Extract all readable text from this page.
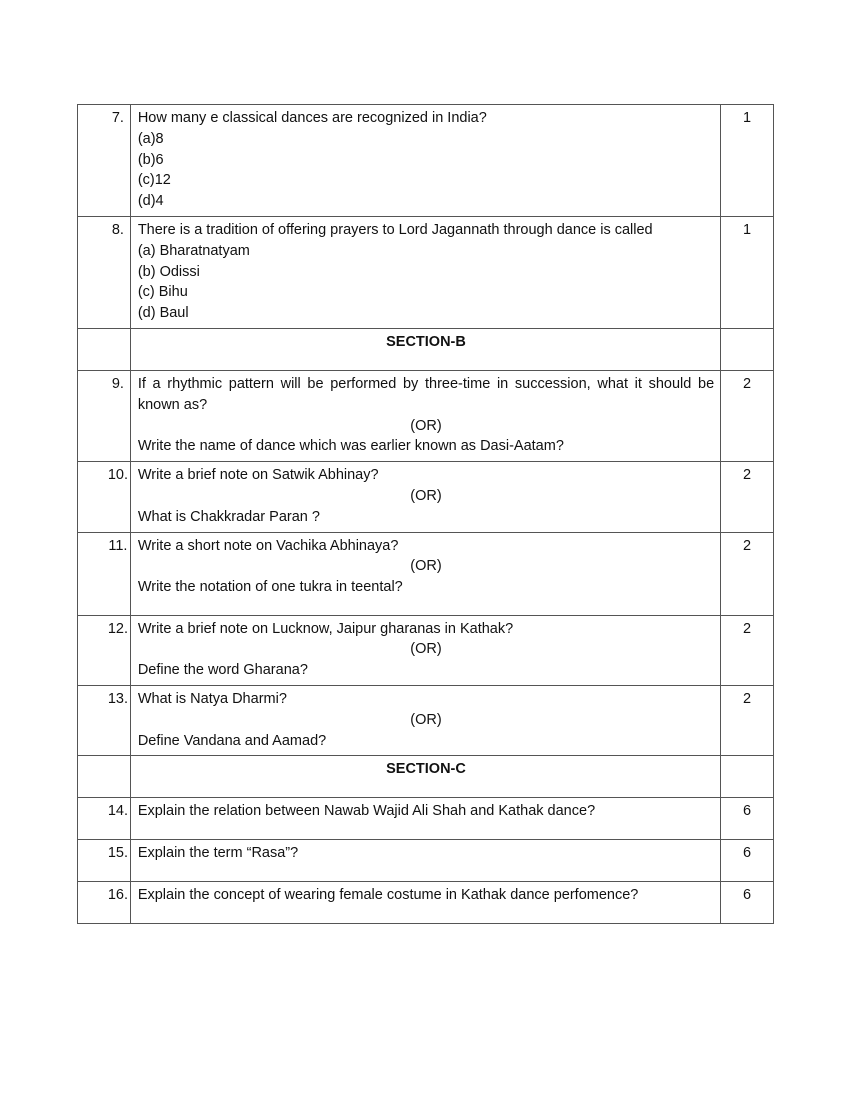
7.	How many e classical dances are recognized in India?
(a)8
(b)6
(c)12
(d)4	1
8.	There is a tradition of offering prayers to Lord Jagannath through dance is called
(a) Bharatnatyam
(b) Odissi
(c) Bihu
(d) Baul	1
	SECTION-B	
9.	If a rhythmic pattern will be performed by three-time in succession, what it should be known as?
(OR)
Write the name of dance which was earlier known as Dasi-Aatam?	2
10.	Write a brief note on Satwik Abhinay?
(OR)
What is Chakkradar Paran ?	2
11.	Write a short note on Vachika Abhinaya?
(OR)
Write the notation of one tukra in teental?	2
12.	Write a brief note on Lucknow, Jaipur gharanas in Kathak?
(OR)
Define the word Gharana?	2
13.	What is Natya Dharmi?
(OR)
Define Vandana and Aamad?	2
	SECTION-C	
14.	Explain the relation between Nawab Wajid Ali Shah and Kathak dance?	6
15.	Explain the term “Rasa”?	6
16.	Explain the concept of wearing female costume in Kathak dance perfomence?	6
